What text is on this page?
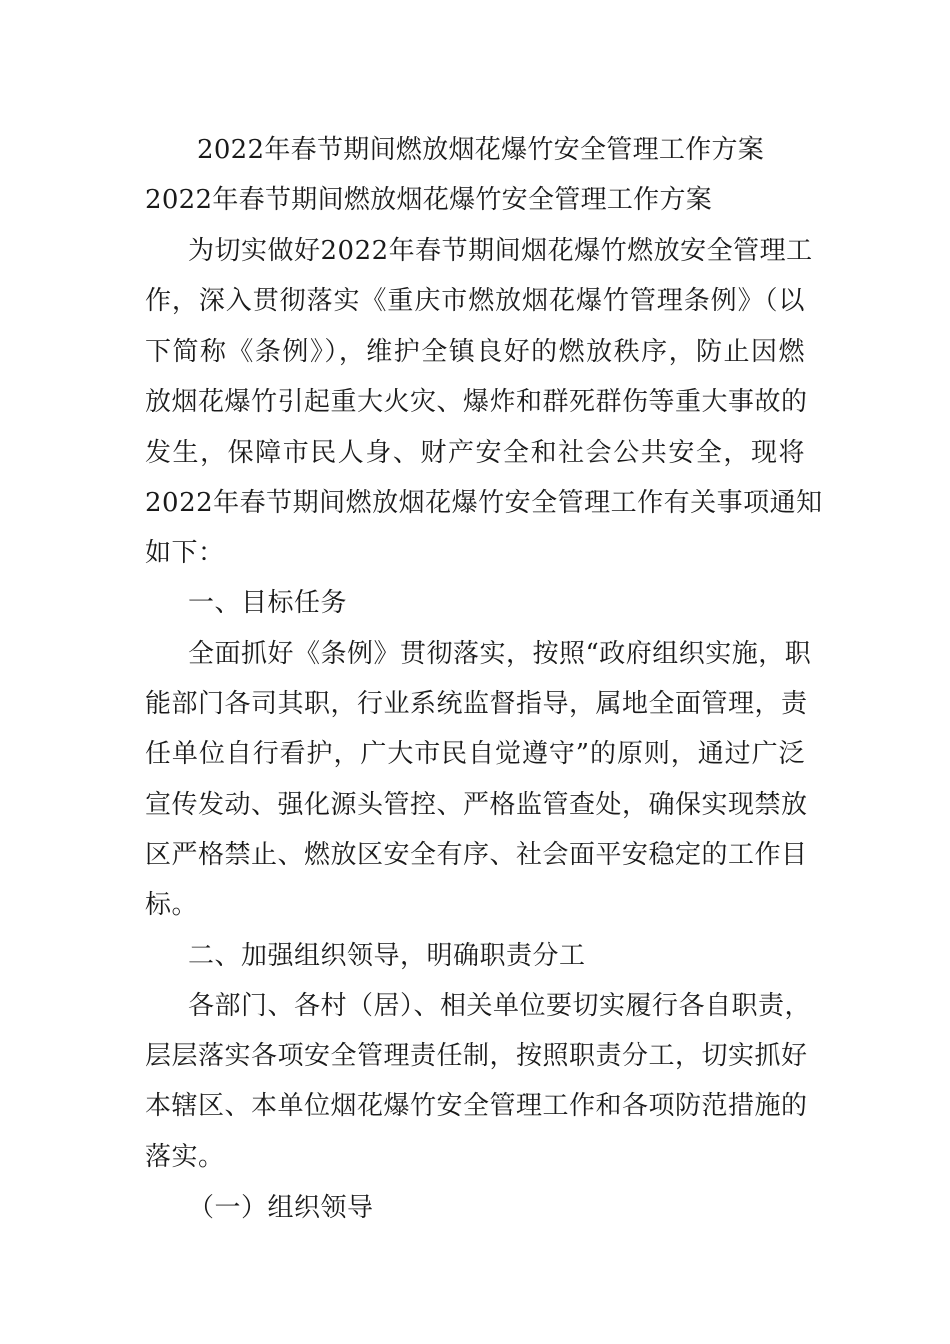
2022年春节期间燃放烟花爆竹安全管理工作方案
2022年春节期间燃放烟花爆竹安全管理工作方案
为切实做好2022年春节期间烟花爆竹燃放安全管理工
作，深入贯彻落实《重庆市燃放烟花爆竹管理条例》（以
下简称《条例》），维护全镇良好的燃放秩序，防止因燃
放烟花爆竹引起重大火灾、爆炸和群死群伤等重大事故的
发生，保障市民人身、财产安全和社会公共安全，现将
2022年春节期间燃放烟花爆竹安全管理工作有关事项通知
如下：
一、目标任务
全面抓好《条例》贯彻落实，按照“政府组织实施，职
能部门各司其职，行业系统监督指导，属地全面管理，责
任单位自行看护，广大市民自觉遵守”的原则，通过广泛
宣传发动、强化源头管控、严格监管查处，确保实现禁放
区严格禁止、燃放区安全有序、社会面平安稳定的工作目
标。
二、加强组织领导，明确职责分工
各部门、各村（居）、相关单位要切实履行各自职责，
层层落实各项安全管理责任制，按照职责分工，切实抓好
本辖区、本单位烟花爆竹安全管理工作和各项防范措施的
落实。
（一）组织领导
